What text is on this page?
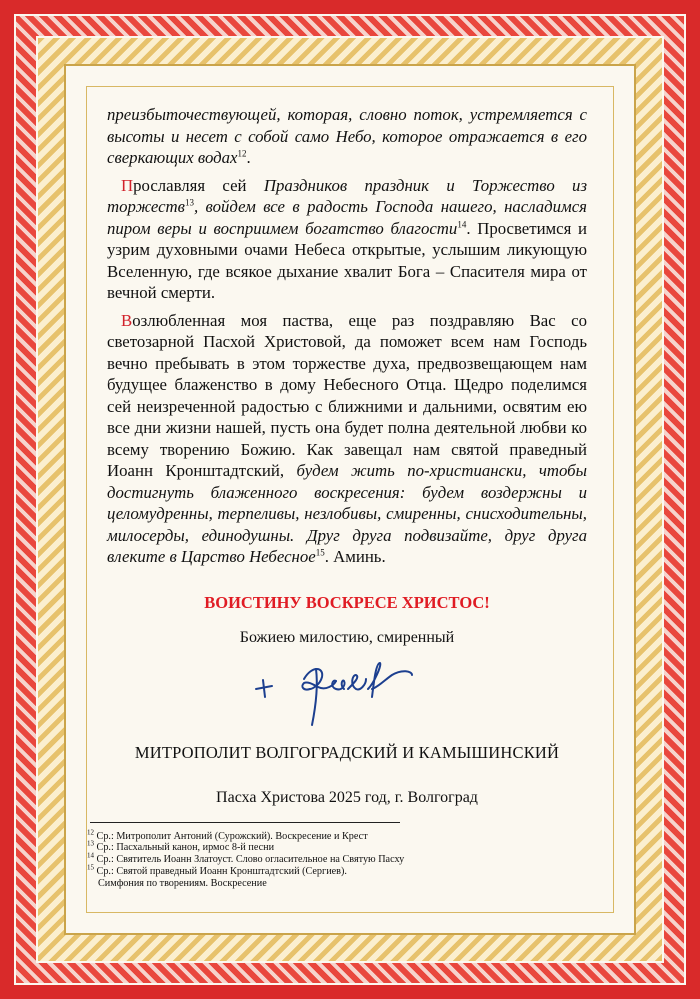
преизбыточествующей, которая, словно поток, устремляется с высоты и несет с собой само Небо, которое отражается в его сверкающих водах$^{12}$.

Прославляя сей Праздников праздник и Торжество из торжеств$^{13}$, войдем все в радость Господа нашего, насладимся пиром веры и восприимем богатство благости$^{14}$. Просветимся и узрим духовными очами Небеса открытые, услышим ликующую Вселенную, где всякое дыхание хвалит Бога – Спасителя мира от вечной смерти.

Возлюбленная моя паства, еще раз поздравляю Вас со светозарной Пасхой Христовой, да поможет всем нам Господь вечно пребывать в этом торжестве духа, предвозвещающем нам будущее блаженство в дому Небесного Отца. Щедро поделимся сей неизреченной радостью с ближними и дальними, освятим ею все дни жизни нашей, пусть она будет полна деятельной любви ко всему творению Божию. Как завещал нам святой праведный Иоанн Кронштадтский, будем жить по-христиански, чтобы достигнуть блаженного воскресения: будем воздержны и целомудренны, терпеливы, незлобивы, смиренны, снисходительны, милосерды, единодушны. Друг друга подвизайте, друг друга влеките в Царство Небесное$^{15}$. Аминь.

ВОИСТИНУ ВОСКРЕСЕ ХРИСТОС!
Божиею милостию, смиренный
МИТРОПОЛИТ ВОЛГОГРАДСКИЙ И КАМЫШИНСКИЙ
Пасха Христова 2025 год, г. Волгоград
$^{12}$ Ср.: Митрополит Антоний (Сурожский). Воскресение и Крест
$^{13}$ Ср.: Пасхальный канон, ирмос 8-й песни
$^{14}$ Ср.: Святитель Иоанн Златоуст. Слово огласительное на Святую Пасху
$^{15}$ Ср.: Святой праведный Иоанн Кронштадтский (Сергиев).
Симфония по творениям. Воскресение
